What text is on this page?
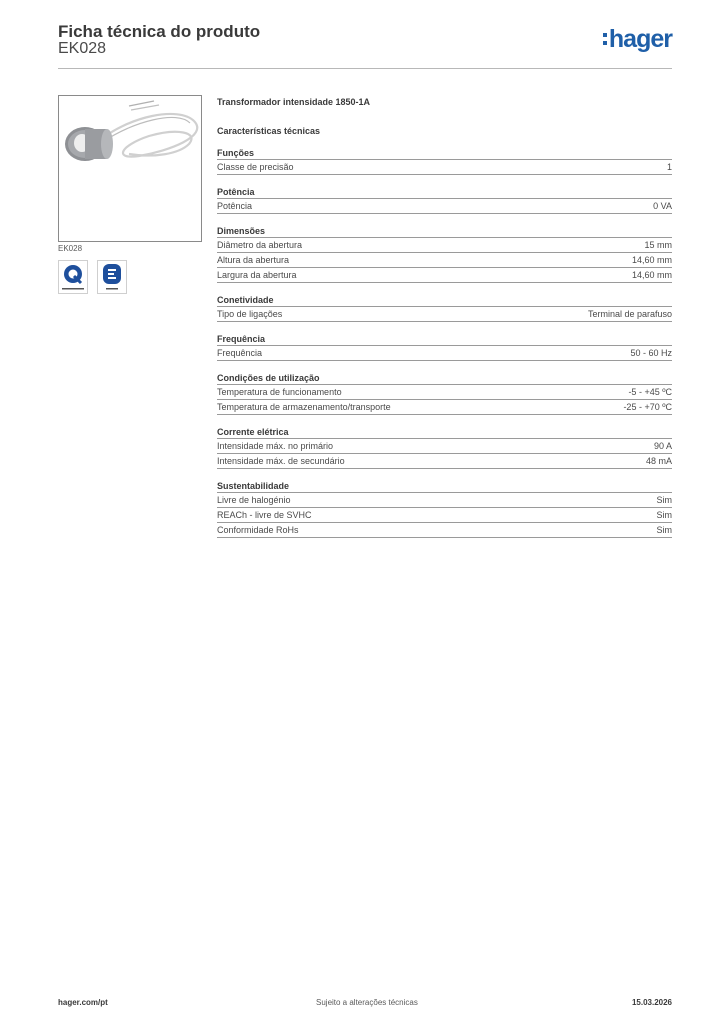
Ficha técnica do produto
EK028	hager
EK028
Transformador intensidade 1850-1A
Características técnicas
Funções
Classe de precisão	1
Potência
Potência	0 VA
Dimensões
Diâmetro da abertura	15 mm
Altura da abertura	14,60 mm
Largura da abertura	14,60 mm
Conetividade
Tipo de ligações	Terminal de parafuso
Frequência
Frequência	50 - 60 Hz
Condições de utilização
Temperatura de funcionamento	-5 - +45 ºC
Temperatura de armazenamento/transporte	-25 - +70 ºC
Corrente elétrica
Intensidade máx. no primário	90 A
Intensidade máx. de secundário	48 mA
Sustentabilidade
Livre de halogénio	Sim
REACh - livre de SVHC	Sim
Conformidade RoHs	Sim
hager.com/pt	Sujeito a alterações técnicas	15.03.2026
